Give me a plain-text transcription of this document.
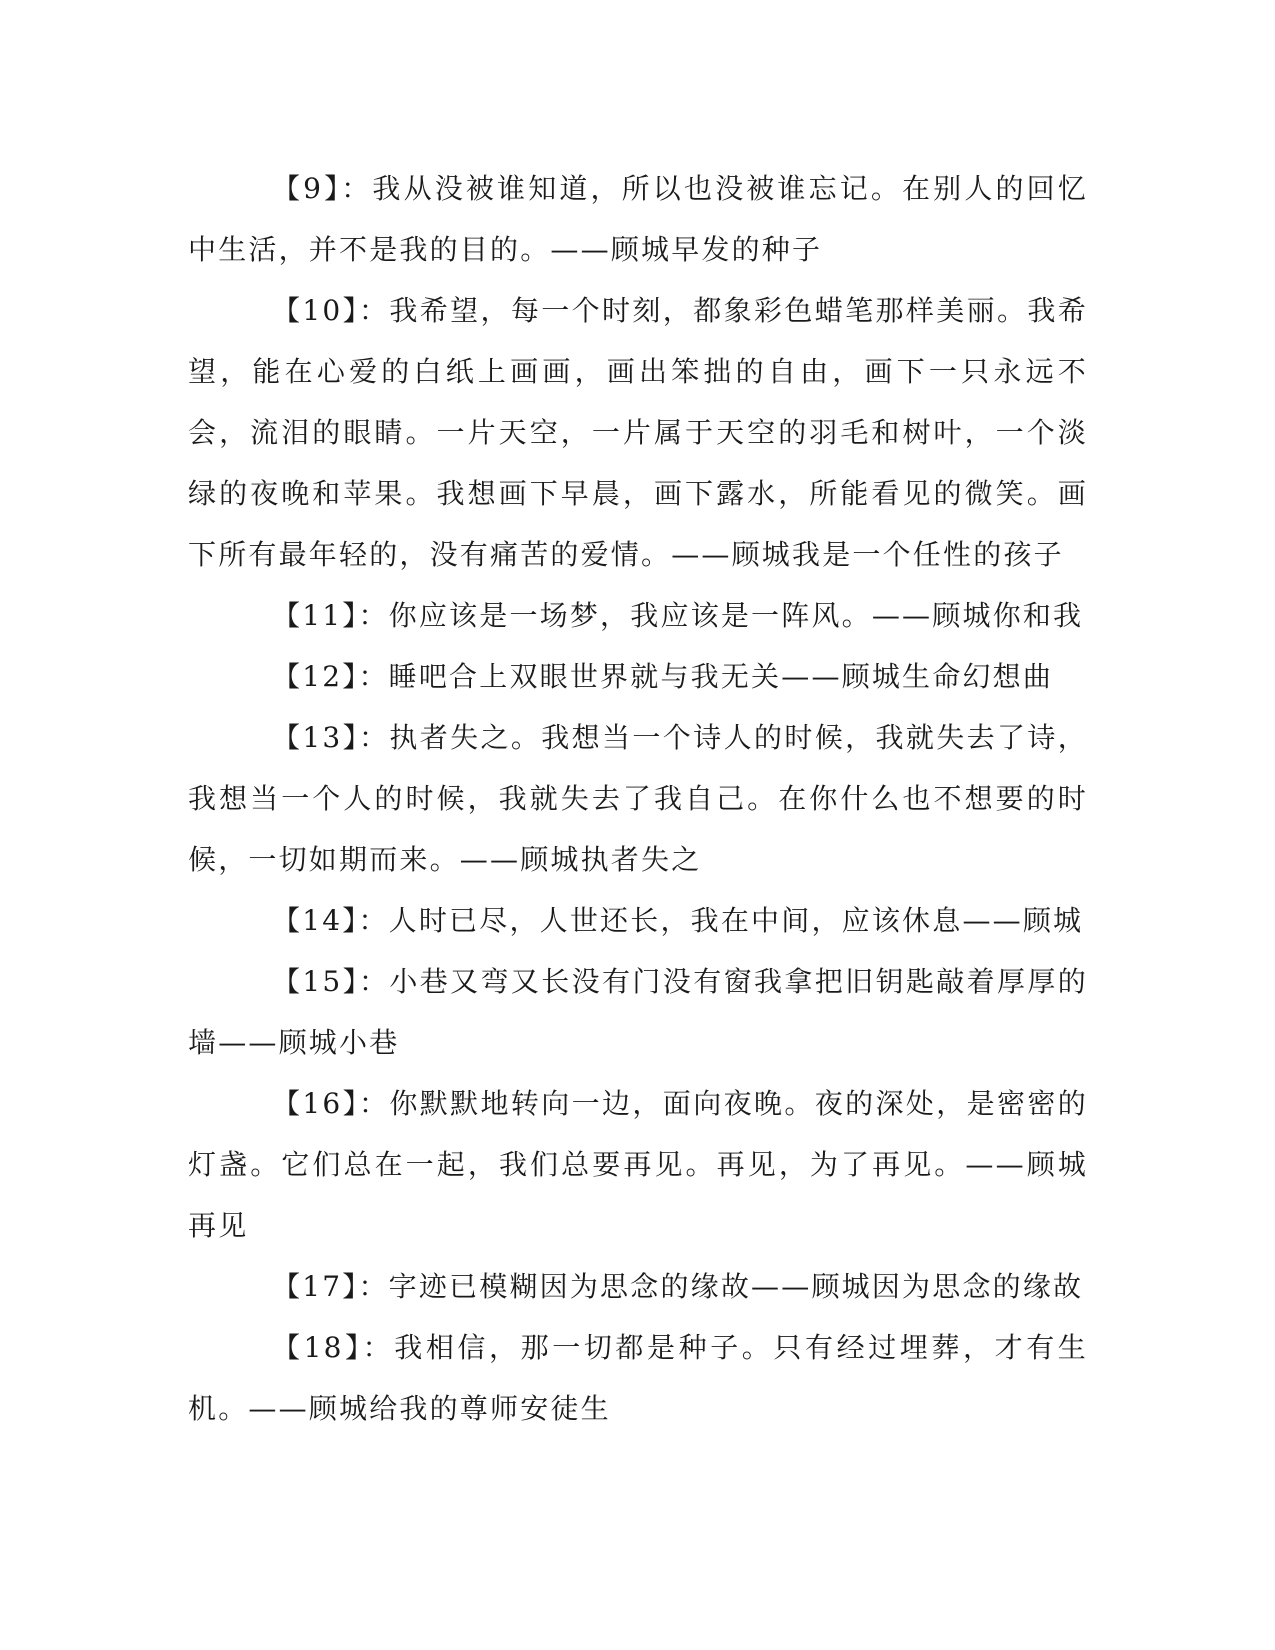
【9】：我从没被谁知道，所以也没被谁忘记。在别人的回忆中生活，并不是我的目的。——顾城早发的种子

【10】：我希望，每一个时刻，都象彩色蜡笔那样美丽。我希望，能在心爱的白纸上画画，画出笨拙的自由，画下一只永远不会，流泪的眼睛。一片天空，一片属于天空的羽毛和树叶，一个淡绿的夜晚和苹果。我想画下早晨，画下露水，所能看见的微笑。画下所有最年轻的，没有痛苦的爱情。——顾城我是一个任性的孩子

【11】：你应该是一场梦，我应该是一阵风。——顾城你和我

【12】：睡吧合上双眼世界就与我无关——顾城生命幻想曲

【13】：执者失之。我想当一个诗人的时候，我就失去了诗，我想当一个人的时候，我就失去了我自己。在你什么也不想要的时候，一切如期而来。——顾城执者失之

【14】：人时已尽，人世还长，我在中间，应该休息——顾城

【15】：小巷又弯又长没有门没有窗我拿把旧钥匙敲着厚厚的墙——顾城小巷

【16】：你默默地转向一边，面向夜晚。夜的深处，是密密的灯盏。它们总在一起，我们总要再见。再见，为了再见。——顾城再见

【17】：字迹已模糊因为思念的缘故——顾城因为思念的缘故

【18】：我相信，那一切都是种子。只有经过埋葬，才有生机。——顾城给我的尊师安徒生
